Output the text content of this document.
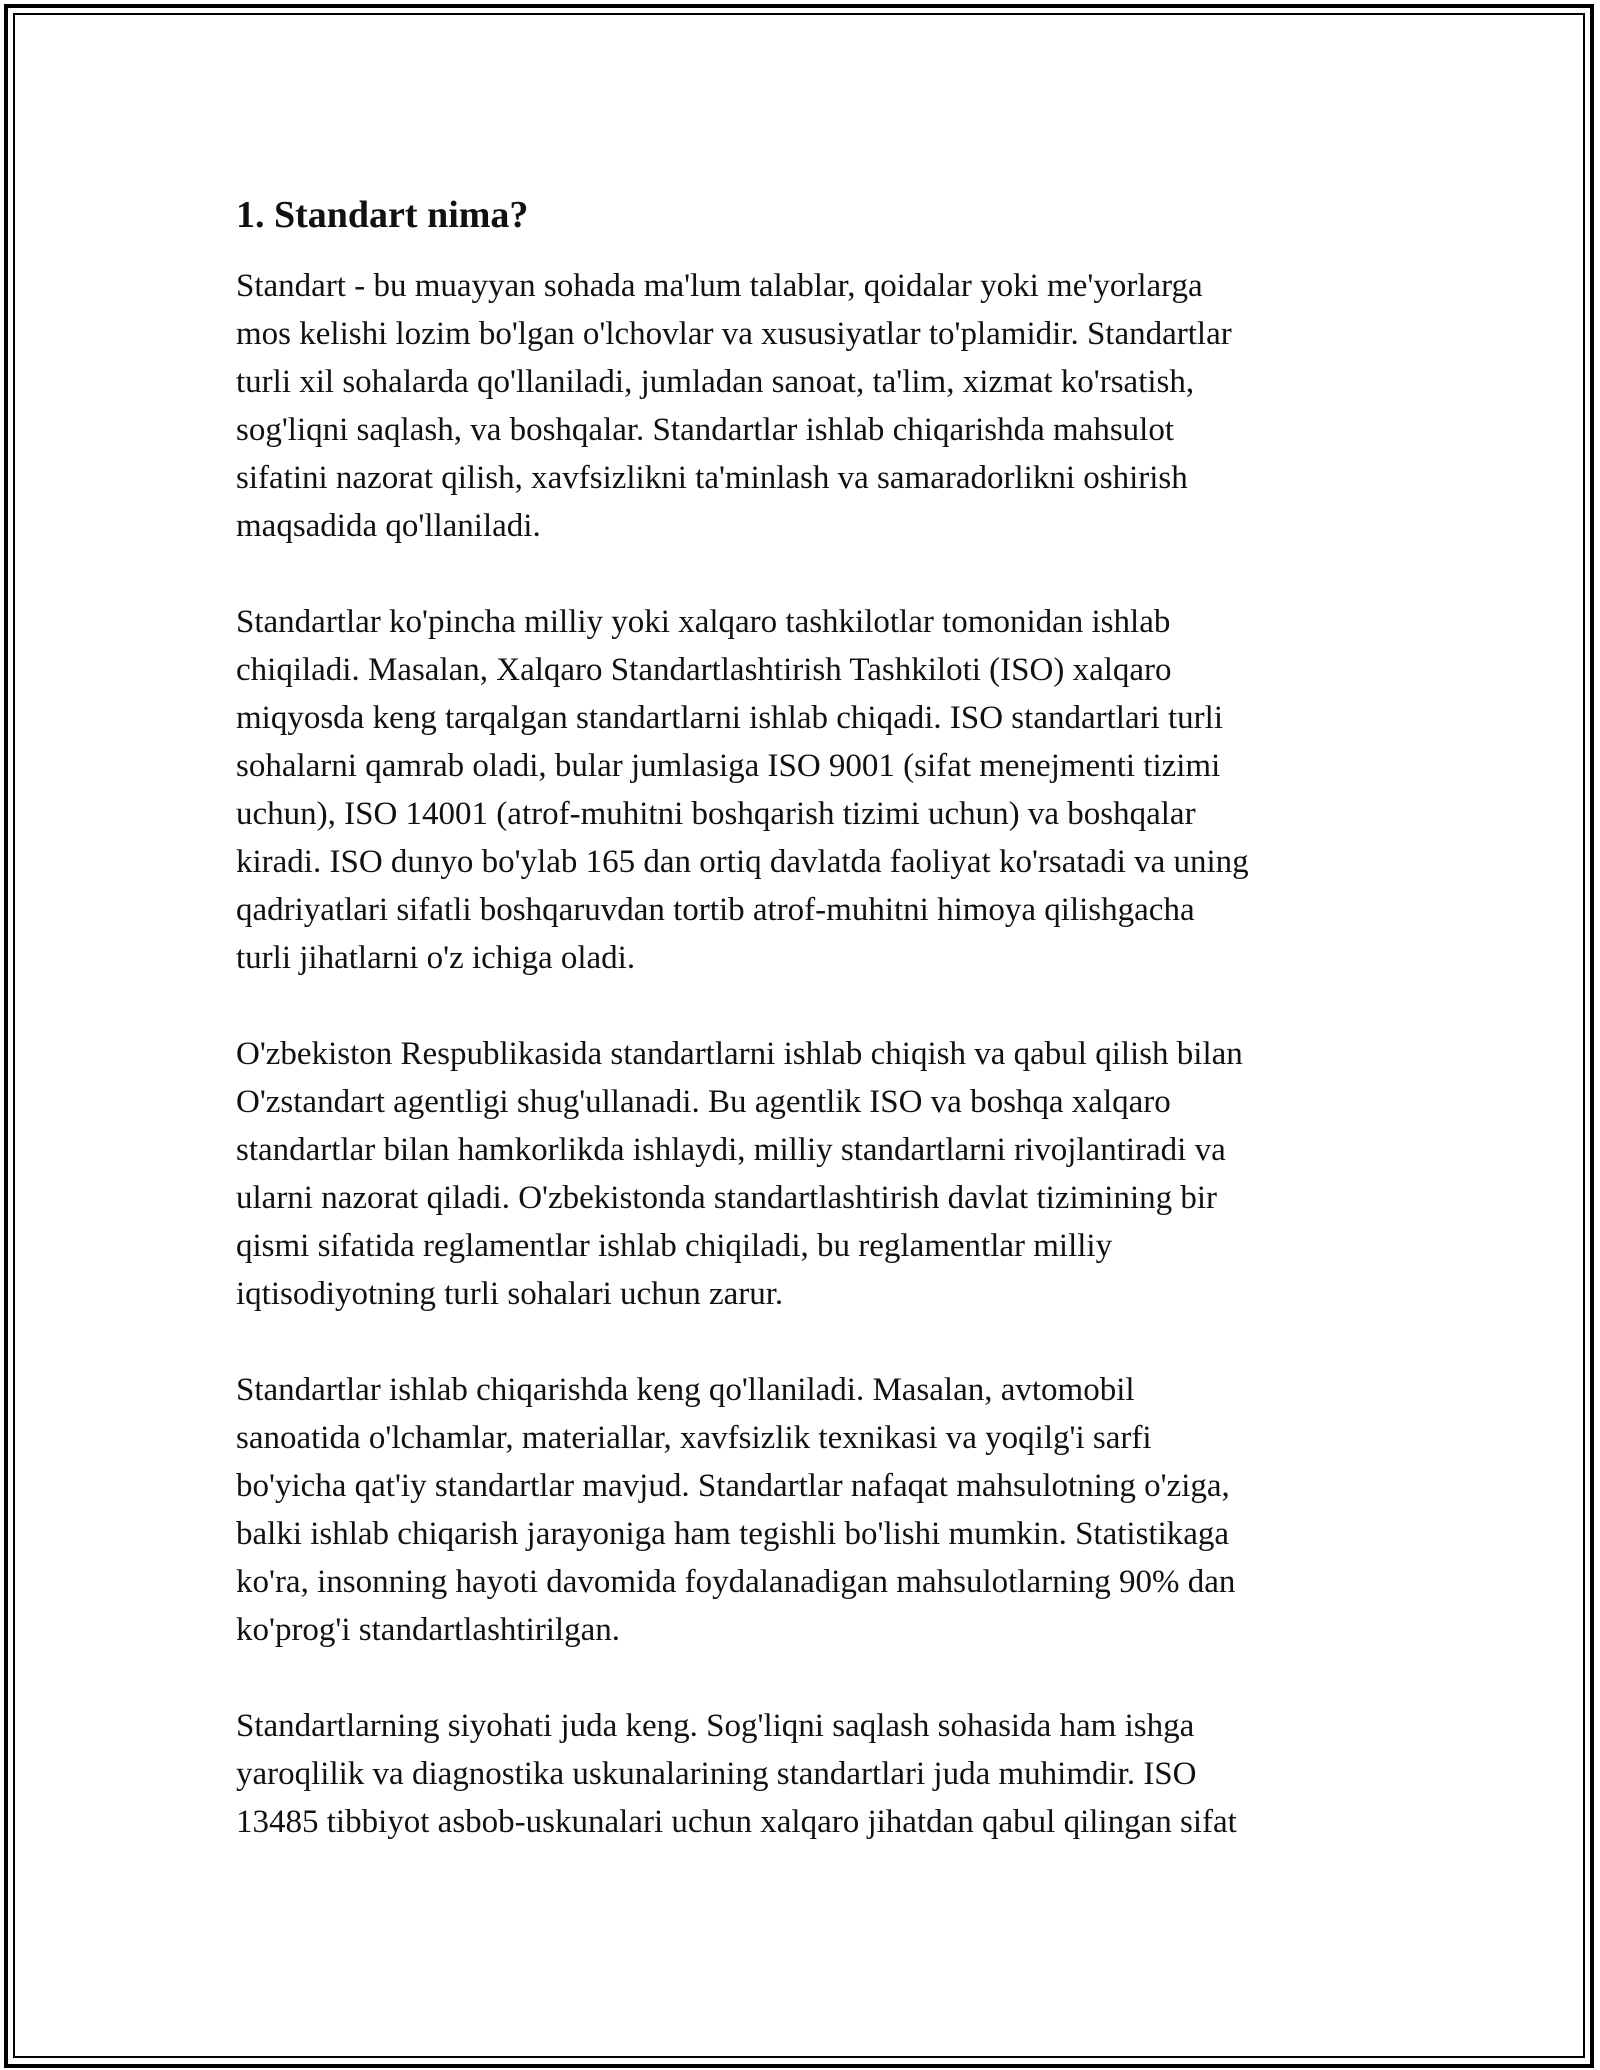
1. Standart nima?
Standart - bu muayyan sohada ma'lum talablar, qoidalar yoki me'yorlarga
mos kelishi lozim bo'lgan o'lchovlar va xususiyatlar to'plamidir. Standartlar
turli xil sohalarda qo'llaniladi, jumladan sanoat, ta'lim, xizmat ko'rsatish,
sog'liqni saqlash, va boshqalar. Standartlar ishlab chiqarishda mahsulot
sifatini nazorat qilish, xavfsizlikni ta'minlash va samaradorlikni oshirish
maqsadida qo'llaniladi.
Standartlar ko'pincha milliy yoki xalqaro tashkilotlar tomonidan ishlab
chiqiladi. Masalan, Xalqaro Standartlashtirish Tashkiloti (ISO) xalqaro
miqyosda keng tarqalgan standartlarni ishlab chiqadi. ISO standartlari turli
sohalarni qamrab oladi, bular jumlasiga ISO 9001 (sifat menejmenti tizimi
uchun), ISO 14001 (atrof-muhitni boshqarish tizimi uchun) va boshqalar
kiradi. ISO dunyo bo'ylab 165 dan ortiq davlatda faoliyat ko'rsatadi va uning
qadriyatlari sifatli boshqaruvdan tortib atrof-muhitni himoya qilishgacha
turli jihatlarni o'z ichiga oladi.
O'zbekiston Respublikasida standartlarni ishlab chiqish va qabul qilish bilan
O'zstandart agentligi shug'ullanadi. Bu agentlik ISO va boshqa xalqaro
standartlar bilan hamkorlikda ishlaydi, milliy standartlarni rivojlantiradi va
ularni nazorat qiladi. O'zbekistonda standartlashtirish davlat tizimining bir
qismi sifatida reglamentlar ishlab chiqiladi, bu reglamentlar milliy
iqtisodiyotning turli sohalari uchun zarur.
Standartlar ishlab chiqarishda keng qo'llaniladi. Masalan, avtomobil
sanoatida o'lchamlar, materiallar, xavfsizlik texnikasi va yoqilg'i sarfi
bo'yicha qat'iy standartlar mavjud. Standartlar nafaqat mahsulotning o'ziga,
balki ishlab chiqarish jarayoniga ham tegishli bo'lishi mumkin. Statistikaga
ko'ra, insonning hayoti davomida foydalanadigan mahsulotlarning 90% dan
ko'prog'i standartlashtirilgan.
Standartlarning siyohati juda keng. Sog'liqni saqlash sohasida ham ishga
yaroqlilik va diagnostika uskunalarining standartlari juda muhimdir. ISO
13485 tibbiyot asbob-uskunalari uchun xalqaro jihatdan qabul qilingan sifat
